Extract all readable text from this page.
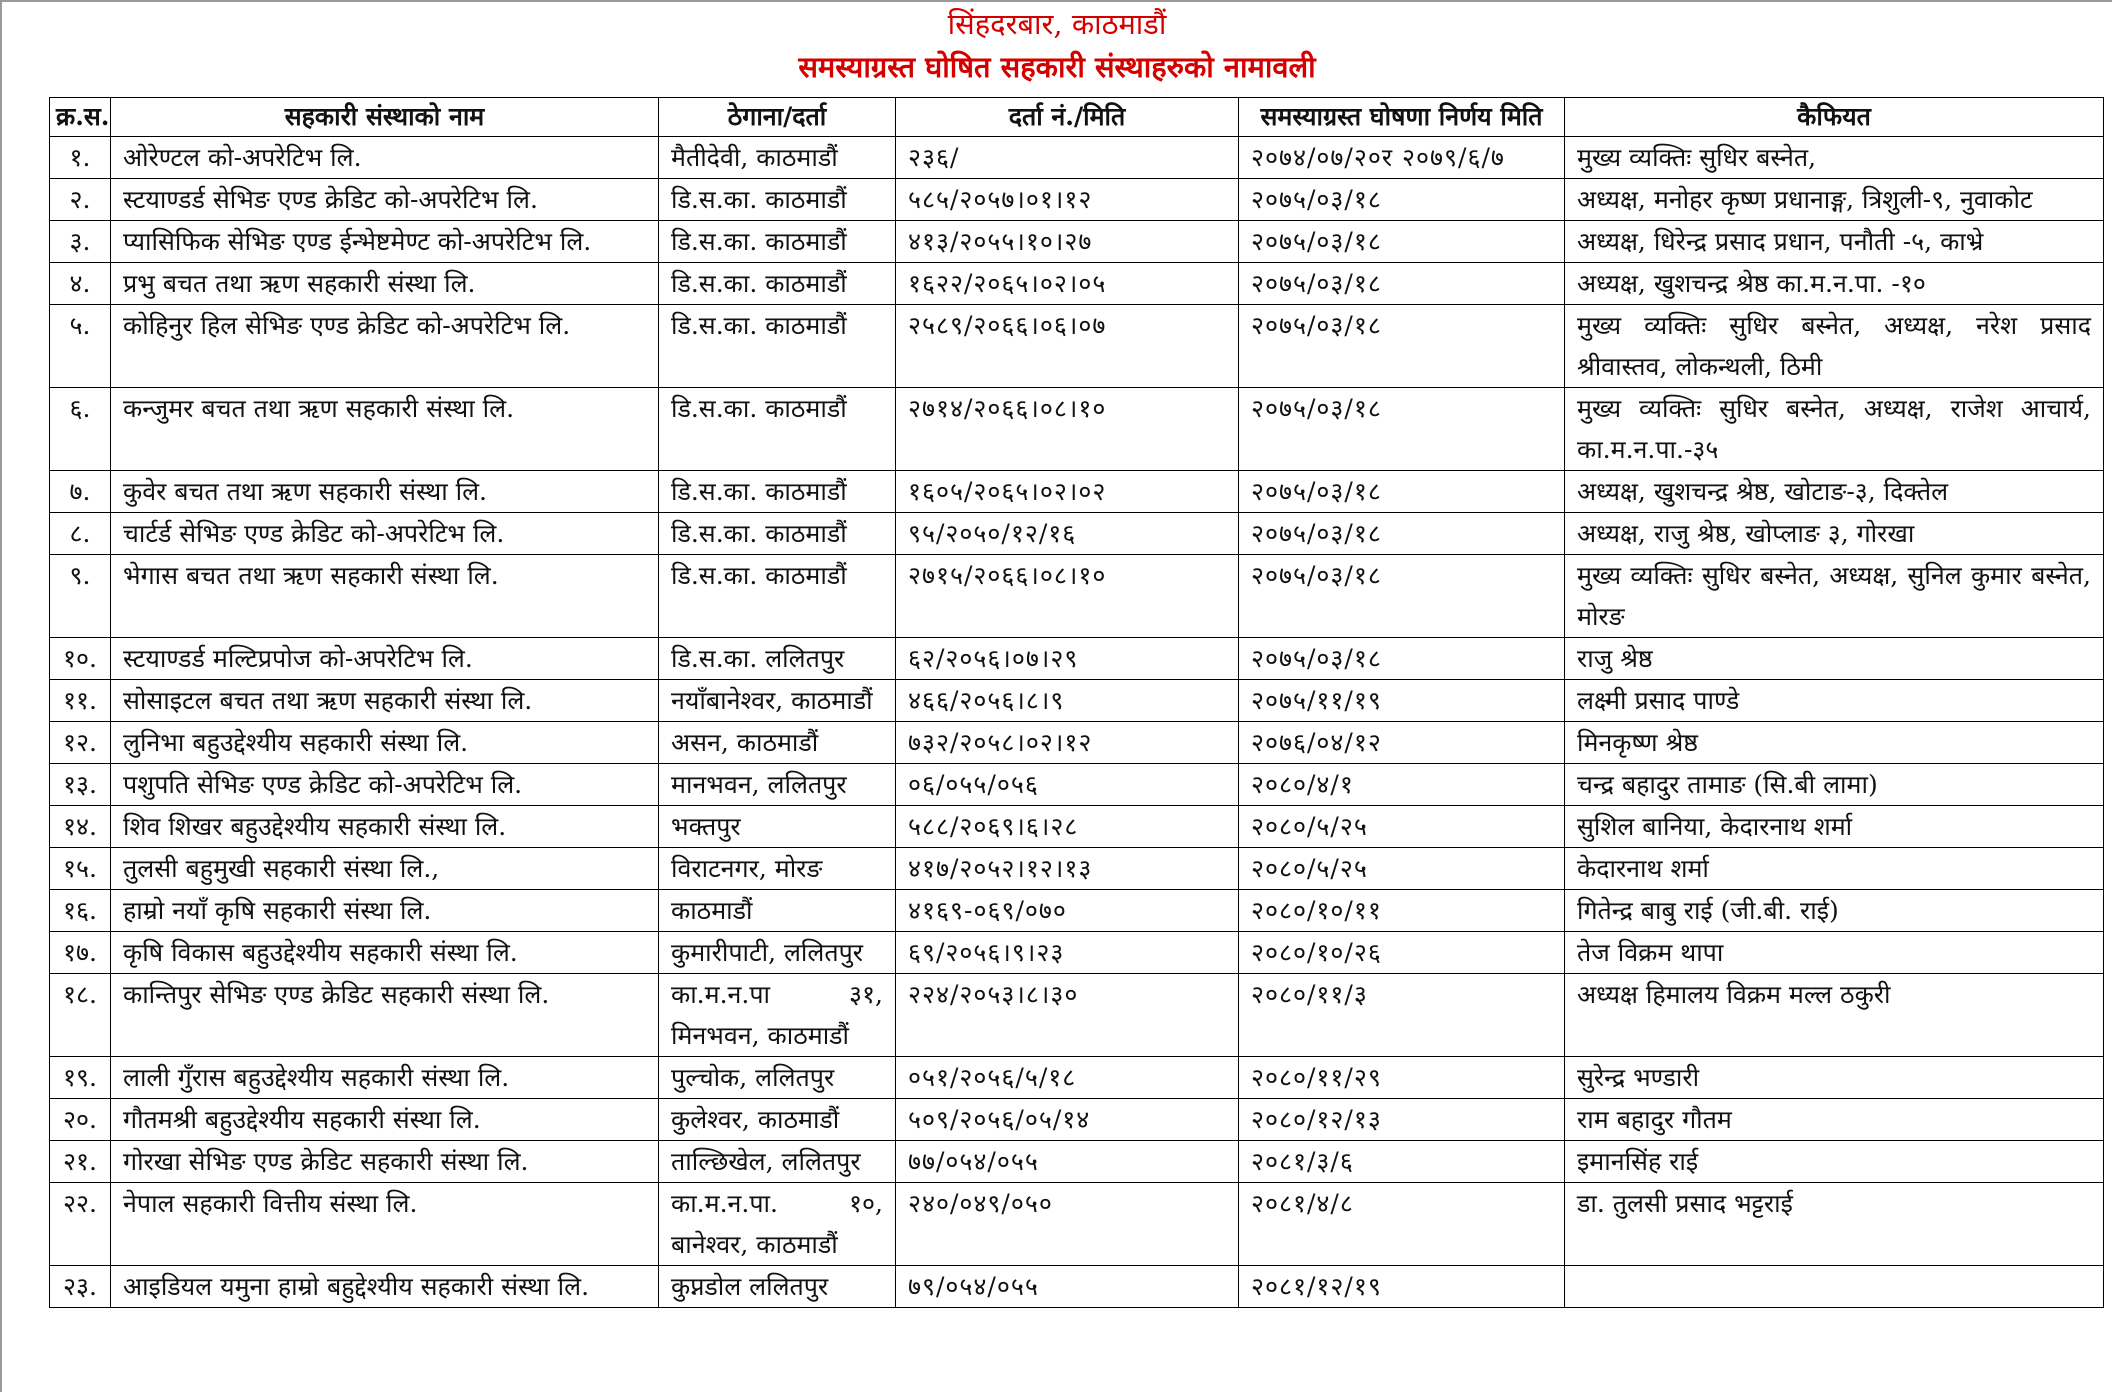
सिंहदरबार, काठमाडौं
समस्याग्रस्त घोषित सहकारी संस्थाहरुको नामावली
क्र.स.	सहकारी संस्थाको नाम	ठेगाना/दर्ता	दर्ता नं./मिति	समस्याग्रस्त घोषणा निर्णय मिति	कैफियत
१.	ओरेण्टल को-अपरेटिभ लि.	मैतीदेवी, काठमाडौं	२३६/	२०७४/०७/२०र २०७९/६/७	मुख्य व्यक्तिः सुधिर बस्नेत,
२.	स्टयाण्डर्ड सेभिङ एण्ड क्रेडिट को-अपरेटिभ लि.	डि.स.का. काठमाडौं	५८५/२०५७।०१।१२	२०७५/०३/१८	अध्यक्ष, मनोहर कृष्ण प्रधानाङ्ग, त्रिशुली-९, नुवाकोट
३.	प्यासिफिक सेभिङ एण्ड ईन्भेष्टमेण्ट को-अपरेटिभ लि.	डि.स.का. काठमाडौं	४१३/२०५५।१०।२७	२०७५/०३/१८	अध्यक्ष, धिरेन्द्र प्रसाद प्रधान, पनौती -५, काभ्रे
४.	प्रभु बचत तथा ऋण सहकारी संस्था लि.	डि.स.का. काठमाडौं	१६२२/२०६५।०२।०५	२०७५/०३/१८	अध्यक्ष, खुशचन्द्र श्रेष्ठ का.म.न.पा. -१०
५.	कोहिनुर हिल सेभिङ एण्ड क्रेडिट को-अपरेटिभ लि.	डि.स.का. काठमाडौं	२५८९/२०६६।०६।०७	२०७५/०३/१८	मुख्य व्यक्तिः सुधिर बस्नेत, अध्यक्ष, नरेश प्रसाद श्रीवास्तव, लोकन्थली, ठिमी
६.	कन्जुमर बचत तथा ऋण सहकारी संस्था लि.	डि.स.का. काठमाडौं	२७१४/२०६६।०८।१०	२०७५/०३/१८	मुख्य व्यक्तिः सुधिर बस्नेत, अध्यक्ष, राजेश आचार्य, का.म.न.पा.-३५
७.	कुवेर बचत तथा ऋण सहकारी संस्था लि.	डि.स.का. काठमाडौं	१६०५/२०६५।०२।०२	२०७५/०३/१८	अध्यक्ष, खुशचन्द्र श्रेष्ठ, खोटाङ-३, दिक्तेल
८.	चार्टर्ड सेभिङ एण्ड क्रेडिट को-अपरेटिभ लि.	डि.स.का. काठमाडौं	९५/२०५०/१२/१६	२०७५/०३/१८	अध्यक्ष, राजु श्रेष्ठ, खोप्लाङ ३, गोरखा
९.	भेगास बचत तथा ऋण सहकारी संस्था लि.	डि.स.का. काठमाडौं	२७१५/२०६६।०८।१०	२०७५/०३/१८	मुख्य व्यक्तिः सुधिर बस्नेत, अध्यक्ष, सुनिल कुमार बस्नेत, मोरङ
१०.	स्टयाण्डर्ड मल्टिप्रपोज को-अपरेटिभ लि.	डि.स.का. ललितपुर	६२/२०५६।०७।२९	२०७५/०३/१८	राजु श्रेष्ठ
११.	सोसाइटल बचत तथा ऋण सहकारी संस्था लि.	नयाँबानेश्वर, काठमाडौं	४६६/२०५६।८।९	२०७५/११/१९	लक्ष्मी प्रसाद पाण्डे
१२.	लुनिभा बहुउद्देश्यीय सहकारी संस्था लि.	असन, काठमाडौं	७३२/२०५८।०२।१२	२०७६/०४/१२	मिनकृष्ण श्रेष्ठ
१३.	पशुपति सेभिङ एण्ड क्रेडिट को-अपरेटिभ लि.	मानभवन, ललितपुर	०६/०५५/०५६	२०८०/४/१	चन्द्र बहादुर तामाङ (सि.बी लामा)
१४.	शिव शिखर बहुउद्देश्यीय सहकारी संस्था लि.	भक्तपुर	५८८/२०६९।६।२८	२०८०/५/२५	सुशिल बानिया, केदारनाथ शर्मा
१५.	तुलसी बहुमुखी सहकारी संस्था लि.,	विराटनगर, मोरङ	४१७/२०५२।१२।१३	२०८०/५/२५	केदारनाथ शर्मा
१६.	हाम्रो नयाँ कृषि सहकारी संस्था लि.	काठमाडौं	४१६९-०६९/०७०	२०८०/१०/११	गितेन्द्र बाबु राई (जी.बी. राई)
१७.	कृषि विकास बहुउद्देश्यीय सहकारी संस्था लि.	कुमारीपाटी, ललितपुर	६९/२०५६।९।२३	२०८०/१०/२६	तेज विक्रम थापा
१८.	कान्तिपुर सेभिङ एण्ड क्रेडिट सहकारी संस्था लि.	का.म.न.पा ३१, मिनभवन, काठमाडौं	२२४/२०५३।८।३०	२०८०/११/३	अध्यक्ष हिमालय विक्रम मल्ल ठकुरी
१९.	लाली गुँरास बहुउद्देश्यीय सहकारी संस्था लि.	पुल्चोक, ललितपुर	०५१/२०५६/५/१८	२०८०/११/२९	सुरेन्द्र भण्डारी
२०.	गौतमश्री बहुउद्देश्यीय सहकारी संस्था लि.	कुलेश्वर, काठमाडौं	५०९/२०५६/०५/१४	२०८०/१२/१३	राम बहादुर गौतम
२१.	गोरखा सेभिङ एण्ड क्रेडिट सहकारी संस्था लि.	ताल्छिखेल, ललितपुर	७७/०५४/०५५	२०८१/३/६	इमानसिंह राई
२२.	नेपाल सहकारी वित्तीय संस्था लि.	का.म.न.पा. १०, बानेश्वर, काठमाडौं	२४०/०४९/०५०	२०८१/४/८	डा. तुलसी प्रसाद भट्टराई
२३.	आइडियल यमुना हाम्रो बहुद्देश्यीय सहकारी संस्था लि.	कुप्नडोल ललितपुर	७९/०५४/०५५	२०८१/१२/१९	
